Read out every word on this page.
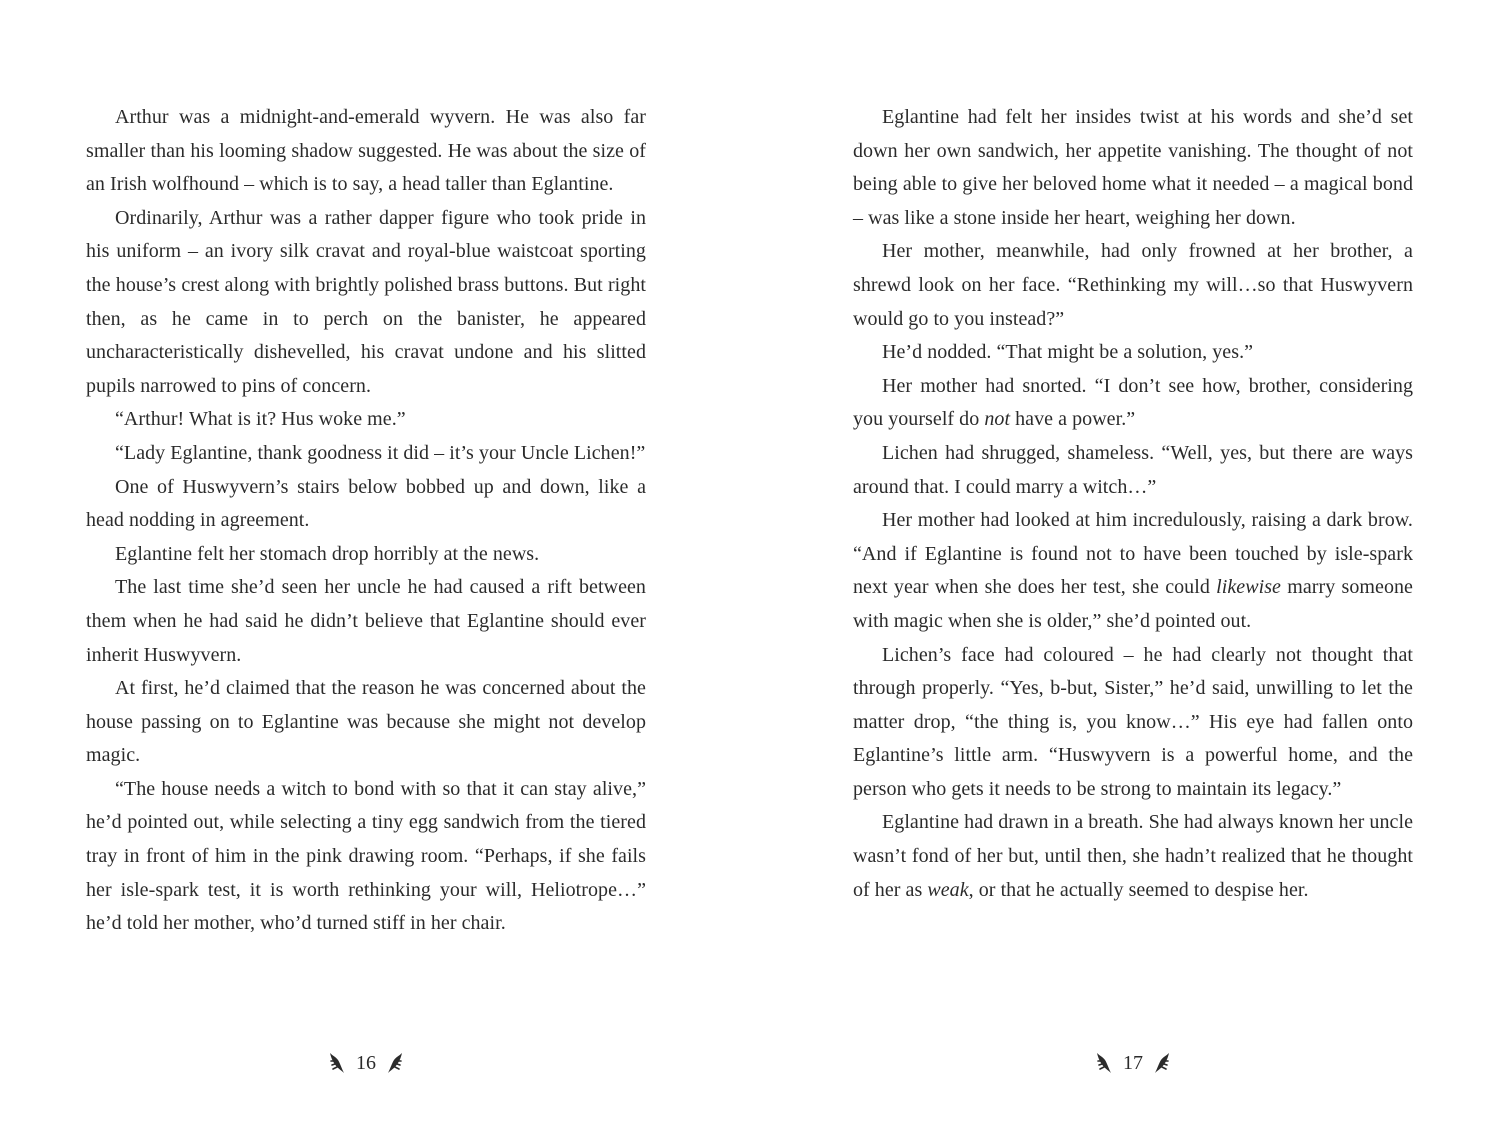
Arthur was a midnight-and-emerald wyvern. He was also far smaller than his looming shadow suggested. He was about the size of an Irish wolfhound – which is to say, a head taller than Eglantine.

Ordinarily, Arthur was a rather dapper figure who took pride in his uniform – an ivory silk cravat and royal-blue waistcoat sporting the house’s crest along with brightly polished brass buttons. But right then, as he came in to perch on the banister, he appeared uncharacteristically dishevelled, his cravat undone and his slitted pupils narrowed to pins of concern.

“Arthur! What is it? Hus woke me.”

“Lady Eglantine, thank goodness it did – it’s your Uncle Lichen!”

One of Huswyvern’s stairs below bobbed up and down, like a head nodding in agreement.

Eglantine felt her stomach drop horribly at the news.

The last time she’d seen her uncle he had caused a rift between them when he had said he didn’t believe that Eglantine should ever inherit Huswyvern.

At first, he’d claimed that the reason he was concerned about the house passing on to Eglantine was because she might not develop magic.

“The house needs a witch to bond with so that it can stay alive,” he’d pointed out, while selecting a tiny egg sandwich from the tiered tray in front of him in the pink drawing room. “Perhaps, if she fails her isle-spark test, it is worth rethinking your will, Heliotrope…” he’d told her mother, who’d turned stiff in her chair.

Eglantine had felt her insides twist at his words and she’d set down her own sandwich, her appetite vanishing. The thought of not being able to give her beloved home what it needed – a magical bond – was like a stone inside her heart, weighing her down.

Her mother, meanwhile, had only frowned at her brother, a shrewd look on her face. “Rethinking my will…so that Huswyvern would go to you instead?”

He’d nodded. “That might be a solution, yes.”

Her mother had snorted. “I don’t see how, brother, considering you yourself do not have a power.”

Lichen had shrugged, shameless. “Well, yes, but there are ways around that. I could marry a witch…”

Her mother had looked at him incredulously, raising a dark brow. “And if Eglantine is found not to have been touched by isle-spark next year when she does her test, she could likewise marry someone with magic when she is older,” she’d pointed out.

Lichen’s face had coloured – he had clearly not thought that through properly. “Yes, b-but, Sister,” he’d said, unwilling to let the matter drop, “the thing is, you know…” His eye had fallen onto Eglantine’s little arm. “Huswyvern is a powerful home, and the person who gets it needs to be strong to maintain its legacy.”

Eglantine had drawn in a breath. She had always known her uncle wasn’t fond of her but, until then, she hadn’t realized that he thought of her as weak, or that he actually seemed to despise her.

16	17
